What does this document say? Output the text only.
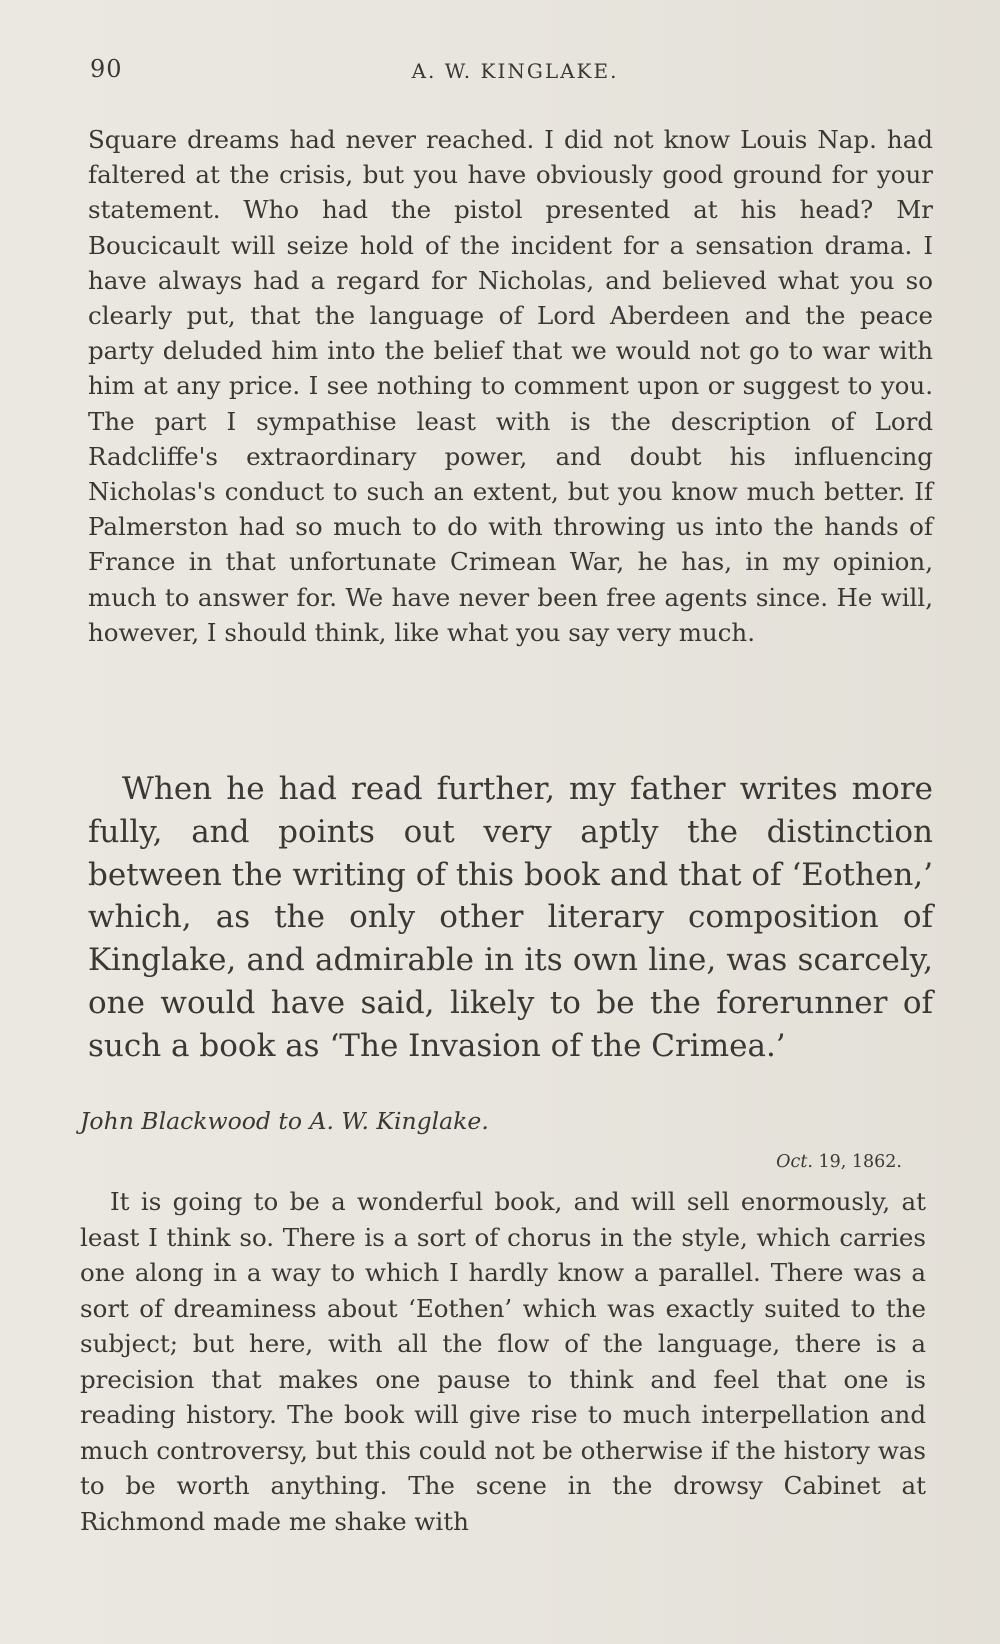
90	A. W. KINGLAKE.

Square dreams had never reached. I did not know Louis Nap. had faltered at the crisis, but you have obviously good ground for your statement. Who had the pistol presented at his head? Mr Boucicault will seize hold of the incident for a sensation drama. I have always had a regard for Nicholas, and believed what you so clearly put, that the language of Lord Aberdeen and the peace party deluded him into the belief that we would not go to war with him at any price. I see nothing to comment upon or suggest to you. The part I sympathise least with is the description of Lord Radcliffe's extraordinary power, and doubt his influencing Nicholas's conduct to such an extent, but you know much better. If Palmerston had so much to do with throwing us into the hands of France in that unfortunate Crimean War, he has, in my opinion, much to answer for. We have never been free agents since. He will, however, I should think, like what you say very much.

When he had read further, my father writes more fully, and points out very aptly the distinction between the writing of this book and that of ‘Eothen,’ which, as the only other literary composition of Kinglake, and admirable in its own line, was scarcely, one would have said, likely to be the forerunner of such a book as ‘The Invasion of the Crimea.’

John Blackwood to A. W. Kinglake.
Oct. 19, 1862.

It is going to be a wonderful book, and will sell enormously, at least I think so. There is a sort of chorus in the style, which carries one along in a way to which I hardly know a parallel. There was a sort of dreaminess about ‘Eothen’ which was exactly suited to the subject; but here, with all the flow of the language, there is a precision that makes one pause to think and feel that one is reading history. The book will give rise to much interpellation and much controversy, but this could not be otherwise if the history was to be worth anything. The scene in the drowsy Cabinet at Richmond made me shake with
